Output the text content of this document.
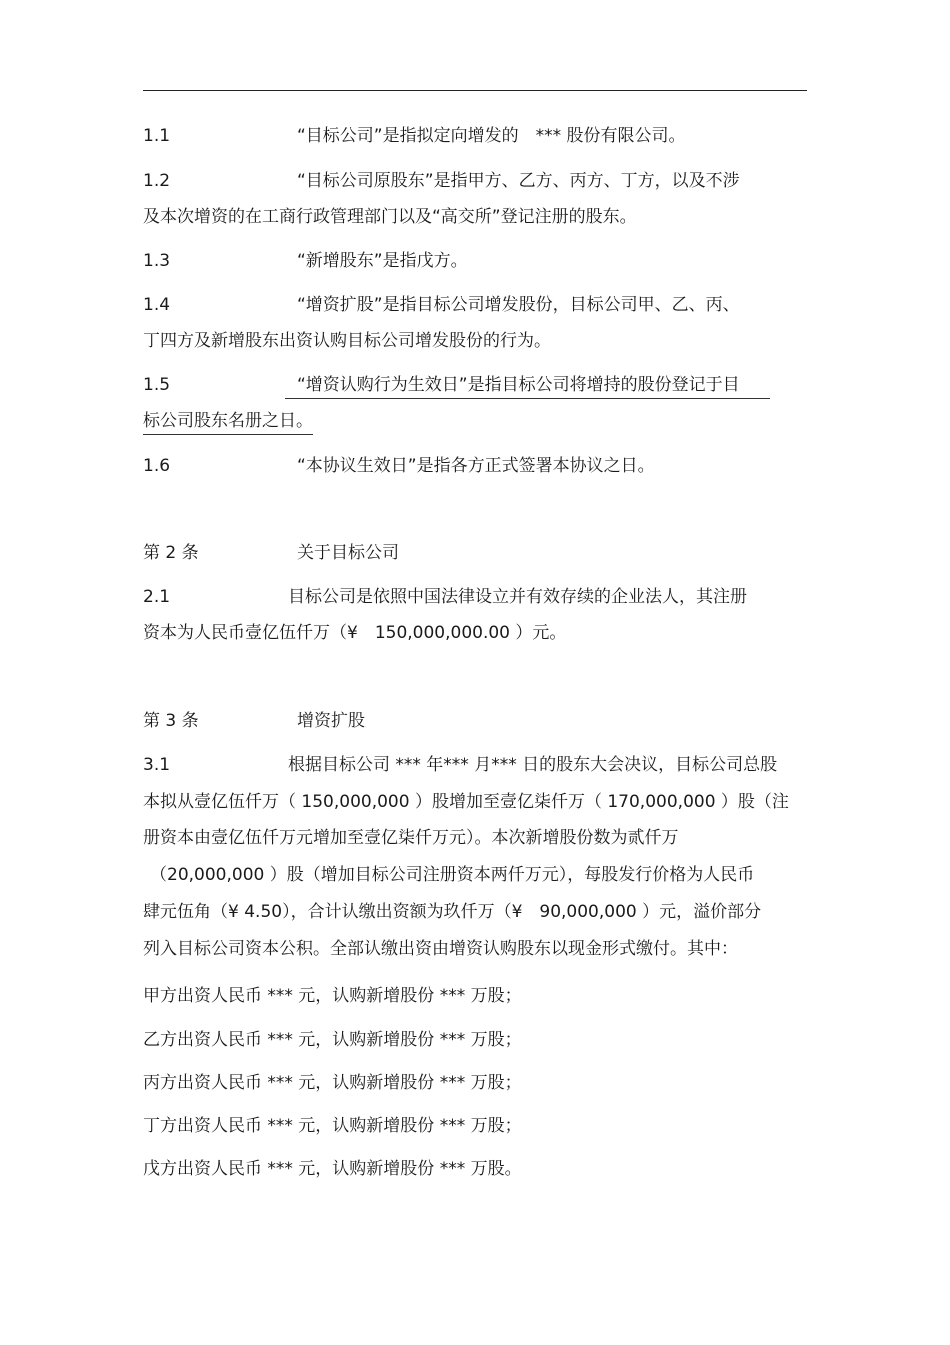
1.1	“目标公司”是指拟定向增发的　*** 股份有限公司。
1.2	“目标公司原股东”是指甲方、乙方、丙方、丁方，以及不涉
及本次增资的在工商行政管理部门以及“高交所”登记注册的股东。
1.3	“新增股东”是指戊方。
1.4	“增资扩股”是指目标公司增发股份，目标公司甲、乙、丙、
丁四方及新增股东出资认购目标公司增发股份的行为。
1.5	“增资认购行为生效日”是指目标公司将增持的股份登记于目
标公司股东名册之日。
1.6	“本协议生效日”是指各方正式签署本协议之日。
第 2 条	关于目标公司
2.1	目标公司是依照中国法律设立并有效存续的企业法人，其注册
资本为人民币壹亿伍仟万（¥　150,000,000.00 ）元。
第 3 条	增资扩股
3.1	根据目标公司 *** 年*** 月*** 日的股东大会决议，目标公司总股
本拟从壹亿伍仟万（ 150,000,000 ）股增加至壹亿柒仟万（ 170,000,000 ）股（注
册资本由壹亿伍仟万元增加至壹亿柒仟万元）。本次新增股份数为贰仟万
（20,000,000 ）股（增加目标公司注册资本两仟万元），每股发行价格为人民币
肆元伍角（¥ 4.50），合计认缴出资额为玖仟万（¥　90,000,000 ）元，溢价部分
列入目标公司资本公积。全部认缴出资由增资认购股东以现金形式缴付。其中：
甲方出资人民币 *** 元，认购新增股份 *** 万股；
乙方出资人民币 *** 元，认购新增股份 *** 万股；
丙方出资人民币 *** 元，认购新增股份 *** 万股；
丁方出资人民币 *** 元，认购新增股份 *** 万股；
戊方出资人民币 *** 元，认购新增股份 *** 万股。
